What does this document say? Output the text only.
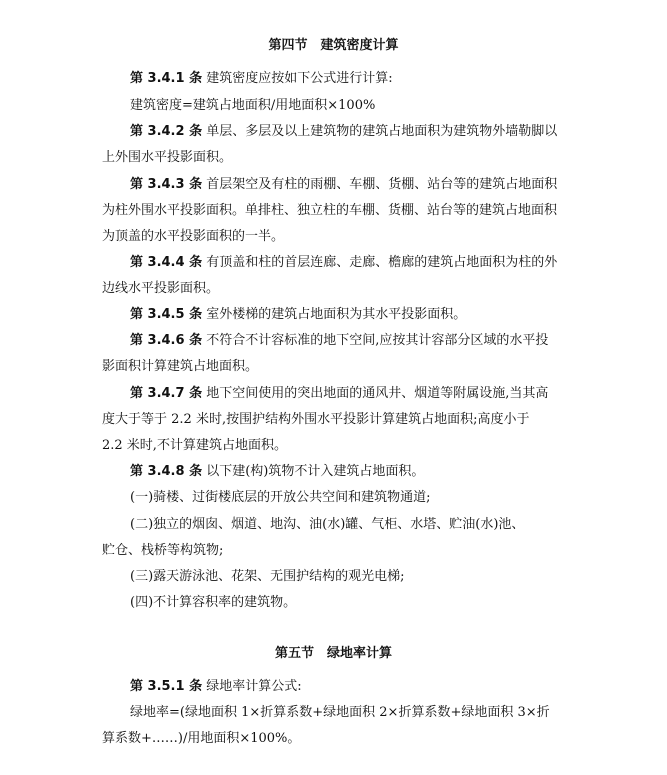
第四节　建筑密度计算
第 3.4.1 条 建筑密度应按如下公式进行计算:
建筑密度=建筑占地面积/用地面积×100%
第 3.4.2 条 单层、多层及以上建筑物的建筑占地面积为建筑物外墙勒脚以
上外围水平投影面积。
第 3.4.3 条 首层架空及有柱的雨棚、车棚、货棚、站台等的建筑占地面积
为柱外围水平投影面积。单排柱、独立柱的车棚、货棚、站台等的建筑占地面积
为顶盖的水平投影面积的一半。
第 3.4.4 条 有顶盖和柱的首层连廊、走廊、檐廊的建筑占地面积为柱的外
边线水平投影面积。
第 3.4.5 条 室外楼梯的建筑占地面积为其水平投影面积。
第 3.4.6 条 不符合不计容标准的地下空间,应按其计容部分区域的水平投
影面积计算建筑占地面积。
第 3.4.7 条 地下空间使用的突出地面的通风井、烟道等附属设施,当其高
度大于等于 2.2 米时,按围护结构外围水平投影计算建筑占地面积;高度小于
2.2 米时,不计算建筑占地面积。
第 3.4.8 条 以下建(构)筑物不计入建筑占地面积。
(一)骑楼、过街楼底层的开放公共空间和建筑物通道;
(二)独立的烟囱、烟道、地沟、油(水)罐、气柜、水塔、贮油(水)池、
贮仓、栈桥等构筑物;
(三)露天游泳池、花架、无围护结构的观光电梯;
(四)不计算容积率的建筑物。
第五节　绿地率计算
第 3.5.1 条 绿地率计算公式:
绿地率=(绿地面积 1×折算系数+绿地面积 2×折算系数+绿地面积 3×折
算系数+……)/用地面积×100%。
